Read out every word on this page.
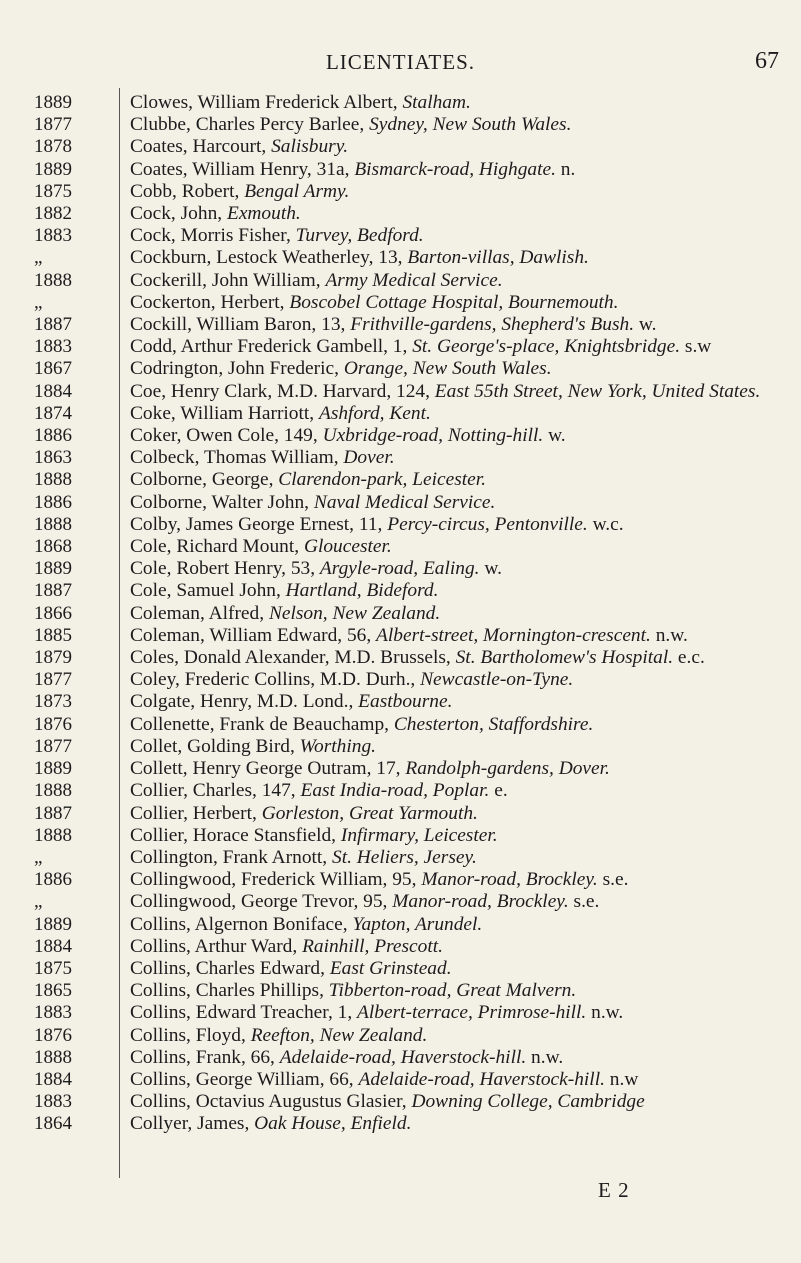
LICENTIATES.	67
1889	Clowes, William Frederick Albert, Stalham.
1877	Clubbe, Charles Percy Barlee, Sydney, New South Wales.
1878	Coates, Harcourt, Salisbury.
1889	Coates, William Henry, 31a, Bismarck-road, Highgate. n.
1875	Cobb, Robert, Bengal Army.
1882	Cock, John, Exmouth.
1883	Cock, Morris Fisher, Turvey, Bedford.
„	Cockburn, Lestock Weatherley, 13, Barton-villas, Dawlish.
1888	Cockerill, John William, Army Medical Service.
„	Cockerton, Herbert, Boscobel Cottage Hospital, Bournemouth.
1887	Cockill, William Baron, 13, Frithville-gardens, Shepherd's Bush. w.
1883	Codd, Arthur Frederick Gambell, 1, St. George's-place, Knightsbridge. s.w
1867	Codrington, John Frederic, Orange, New South Wales.
1884	Coe, Henry Clark, M.D. Harvard, 124, East 55th Street, New York, United States.
1874	Coke, William Harriott, Ashford, Kent.
1886	Coker, Owen Cole, 149, Uxbridge-road, Notting-hill. w.
1863	Colbeck, Thomas William, Dover.
1888	Colborne, George, Clarendon-park, Leicester.
1886	Colborne, Walter John, Naval Medical Service.
1888	Colby, James George Ernest, 11, Percy-circus, Pentonville. w.c.
1868	Cole, Richard Mount, Gloucester.
1889	Cole, Robert Henry, 53, Argyle-road, Ealing. w.
1887	Cole, Samuel John, Hartland, Bideford.
1866	Coleman, Alfred, Nelson, New Zealand.
1885	Coleman, William Edward, 56, Albert-street, Mornington-crescent. n.w.
1879	Coles, Donald Alexander, M.D. Brussels, St. Bartholomew's Hospital. e.c.
1877	Coley, Frederic Collins, M.D. Durh., Newcastle-on-Tyne.
1873	Colgate, Henry, M.D. Lond., Eastbourne.
1876	Collenette, Frank de Beauchamp, Chesterton, Staffordshire.
1877	Collet, Golding Bird, Worthing.
1889	Collett, Henry George Outram, 17, Randolph-gardens, Dover.
1888	Collier, Charles, 147, East India-road, Poplar. e.
1887	Collier, Herbert, Gorleston, Great Yarmouth.
1888	Collier, Horace Stansfield, Infirmary, Leicester.
„	Collington, Frank Arnott, St. Heliers, Jersey.
1886	Collingwood, Frederick William, 95, Manor-road, Brockley. s.e.
„	Collingwood, George Trevor, 95, Manor-road, Brockley. s.e.
1889	Collins, Algernon Boniface, Yapton, Arundel.
1884	Collins, Arthur Ward, Rainhill, Prescott.
1875	Collins, Charles Edward, East Grinstead.
1865	Collins, Charles Phillips, Tibberton-road, Great Malvern.
1883	Collins, Edward Treacher, 1, Albert-terrace, Primrose-hill. n.w.
1876	Collins, Floyd, Reefton, New Zealand.
1888	Collins, Frank, 66, Adelaide-road, Haverstock-hill. n.w.
1884	Collins, George William, 66, Adelaide-road, Haverstock-hill. n.w
1883	Collins, Octavius Augustus Glasier, Downing College, Cambridge
1864	Collyer, James, Oak House, Enfield.
E 2
